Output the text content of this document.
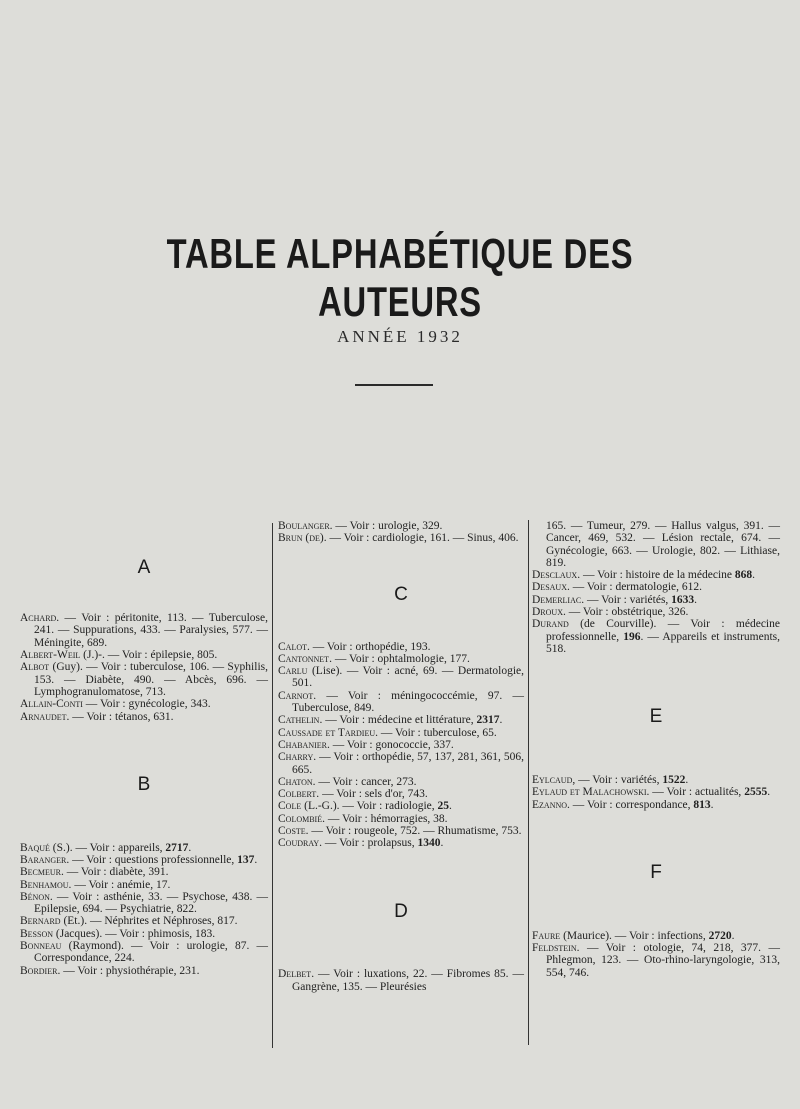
TABLE ALPHABÉTIQUE DES AUTEURS
ANNÉE 1932
A

Achard. — Voir : péritonite, 113. — Tuberculose, 241. — Suppurations, 433. — Paralysies, 577. — Méningite, 689.

Albert-Weil (J.)-. — Voir : épilepsie, 805.

Albot (Guy). — Voir : tuberculose, 106. — Syphilis, 153. — Diabète, 490. — Abcès, 696. — Lymphogranulomatose, 713.

Allain-Conti — Voir : gynécologie, 343.

Arnaudet. — Voir : tétanos, 631.

B

Baqué (S.). — Voir : appareils, 2717.

Baranger. — Voir : questions professionnelle, 137.

Becmeur. — Voir : diabète, 391.

Benhamou. — Voir : anémie, 17.

Bénon. — Voir : asthénie, 33. — Psychose, 438. — Epilepsie, 694. — Psychiatrie, 822.

Bernard (Et.). — Néphrites et Néphroses, 817.

Besson (Jacques). — Voir : phimosis, 183.

Bonneau (Raymond). — Voir : urologie, 87. — Correspondance, 224.

Bordier. — Voir : physiothérapie, 231.

Boulanger. — Voir : urologie, 329.

Brun (de). — Voir : cardiologie, 161. — Sinus, 406.

C

Calot. — Voir : orthopédie, 193.

Cantonnet. — Voir : ophtalmologie, 177.

Carlu (Lise). — Voir : acné, 69. — Dermatologie, 501.

Carnot. — Voir : méningococcémie, 97. — Tuberculose, 849.

Cathelin. — Voir : médecine et littérature, 2317.

Caussade et Tardieu. — Voir : tuberculose, 65.

Chabanier. — Voir : gonococcie, 337.

Charry. — Voir : orthopédie, 57, 137, 281, 361, 506, 665.

Chaton. — Voir : cancer, 273.

Colbert. — Voir : sels d'or, 743.

Cole (L.-G.). — Voir : radiologie, 25.

Colombié. — Voir : hémorragies, 38.

Coste. — Voir : rougeole, 752. — Rhumatisme, 753.

Coudray. — Voir : prolapsus, 1340.

D

Delbet. — Voir : luxations, 22. — Fibromes 85. — Gangrène, 135. — Pleurésies

165. — Tumeur, 279. — Hallus valgus, 391. — Cancer, 469, 532. — Lésion rectale, 674. — Gynécologie, 663. — Urologie, 802. — Lithiase, 819.

Desclaux. — Voir : histoire de la médecine 868.

Desaux. — Voir : dermatologie, 612.

Demerliac. — Voir : variétés, 1633.

Droux. — Voir : obstétrique, 326.

Durand (de Courville). — Voir : médecine professionnelle, 196. — Appareils et instruments, 518.

E

Eylcaud, — Voir : variétés, 1522.

Eylaud et Malachowski. — Voir : actualités, 2555.

Ezanno. — Voir : correspondance, 813.

F

Faure (Maurice). — Voir : infections, 2720.

Feldstein. — Voir : otologie, 74, 218, 377. — Phlegmon, 123. — Oto-rhino-laryngologie, 313, 554, 746.
